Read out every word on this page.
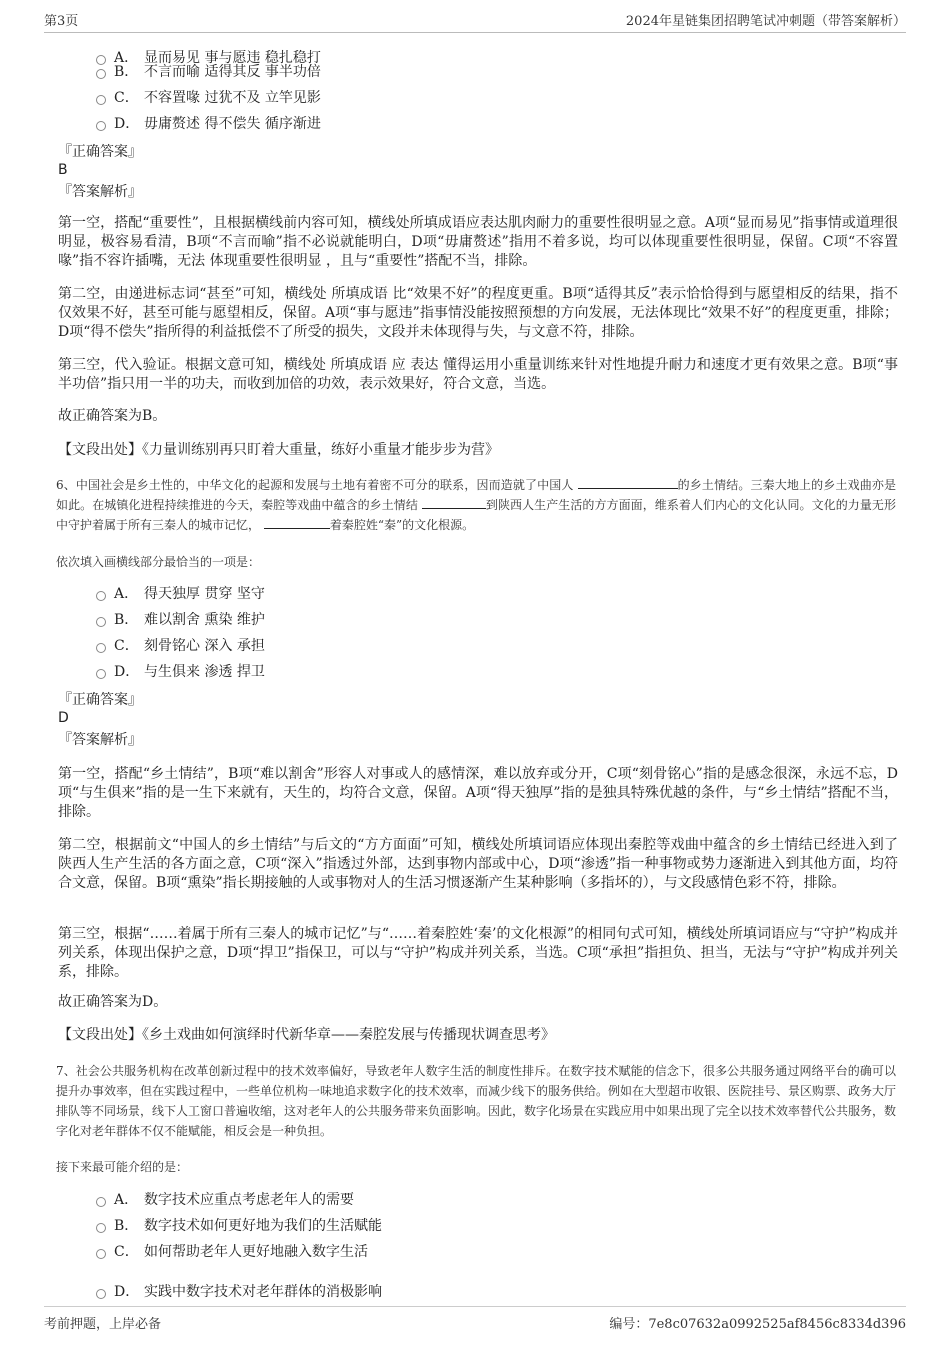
第3页	2024年星链集团招聘笔试冲刺题（带答案解析）
A． 显而易见 事与愿违 稳扎稳打
B． 不言而喻 适得其反 事半功倍
C． 不容置喙 过犹不及 立竿见影
D． 毋庸赘述 得不偿失 循序渐进
『正确答案』
B
『答案解析』
第一空，搭配“重要性”，且根据横线前内容可知，横线处所填成语应表达肌肉耐力的重要性很明显之意。A项“显而易见”指事情或道理很明显，极容易看清，B项“不言而喻”指不必说就能明白，D项“毋庸赘述”指用不着多说，均可以体现重要性很明显，保留。C项“不容置喙”指不容许插嘴，无法 体现重要性很明显 ，且与“重要性”搭配不当，排除。
第二空，由递进标志词“甚至”可知，横线处 所填成语 比“效果不好”的程度更重。B项“适得其反”表示恰恰得到与愿望相反的结果，指不仅效果不好，甚至可能与愿望相反，保留。A项“事与愿违”指事情没能按照预想的方向发展，无法体现比“效果不好”的程度更重，排除；D项“得不偿失”指所得的利益抵偿不了所受的损失，文段并未体现得与失，与文意不符，排除。
第三空，代入验证。根据文意可知，横线处 所填成语 应 表达 懂得运用小重量训练来针对性地提升耐力和速度才更有效果之意。B项“事半功倍”指只用一半的功夫，而收到加倍的功效，表示效果好，符合文意，当选。
故正确答案为B。
【文段出处】《力量训练别再只盯着大重量，练好小重量才能步步为营》
6、中国社会是乡土性的，中华文化的起源和发展与土地有着密不可分的联系，因而造就了中国人	的乡土情结。三秦大地上的乡土戏曲亦是如此。在城镇化进程持续推进的今天，秦腔等戏曲中蕴含的乡土情结	到陕西人生产生活的方方面面，维系着人们内心的文化认同。文化的力量无形中守护着属于所有三秦人的城市记忆，	着秦腔姓“秦”的文化根源。
依次填入画横线部分最恰当的一项是：
A． 得天独厚 贯穿 坚守
B． 难以割舍 熏染 维护
C． 刻骨铭心 深入 承担
D． 与生俱来 渗透 捍卫
『正确答案』
D
『答案解析』
第一空，搭配“乡土情结”，B项“难以割舍”形容人对事或人的感情深，难以放弃或分开，C项“刻骨铭心”指的是感念很深，永远不忘，D项“与生俱来”指的是一生下来就有，天生的，均符合文意，保留。A项“得天独厚”指的是独具特殊优越的条件，与“乡土情结”搭配不当，排除。
第二空，根据前文“中国人的乡土情结”与后文的“方方面面”可知，横线处所填词语应体现出秦腔等戏曲中蕴含的乡土情结已经进入到了陕西人生产生活的各方面之意，C项“深入”指透过外部，达到事物内部或中心，D项“渗透”指一种事物或势力逐渐进入到其他方面，均符合文意，保留。B项“熏染”指长期接触的人或事物对人的生活习惯逐渐产生某种影响（多指坏的），与文段感情色彩不符，排除。
第三空，根据“……着属于所有三秦人的城市记忆”与“……着秦腔姓‘秦’的文化根源”的相同句式可知，横线处所填词语应与“守护”构成并列关系，体现出保护之意，D项“捍卫”指保卫，可以与“守护”构成并列关系，当选。C项“承担”指担负、担当，无法与“守护”构成并列关系，排除。
故正确答案为D。
【文段出处】《乡土戏曲如何演绎时代新华章——秦腔发展与传播现状调查思考》
7、社会公共服务机构在改革创新过程中的技术效率偏好，导致老年人数字生活的制度性排斥。在数字技术赋能的信念下，很多公共服务通过网络平台的确可以提升办事效率，但在实践过程中，一些单位机构一味地追求数字化的技术效率，而减少线下的服务供给。例如在大型超市收银、医院挂号、景区购票、政务大厅排队等不同场景，线下人工窗口普遍收缩，这对老年人的公共服务带来负面影响。因此，数字化场景在实践应用中如果出现了完全以技术效率替代公共服务，数字化对老年群体不仅不能赋能，相反会是一种负担。
接下来最可能介绍的是：
A． 数字技术应重点考虑老年人的需要
B． 数字技术如何更好地为我们的生活赋能
C． 如何帮助老年人更好地融入数字生活
D． 实践中数字技术对老年群体的消极影响
考前押题，上岸必备	编号：7e8c07632a0992525af8456c8334d396
